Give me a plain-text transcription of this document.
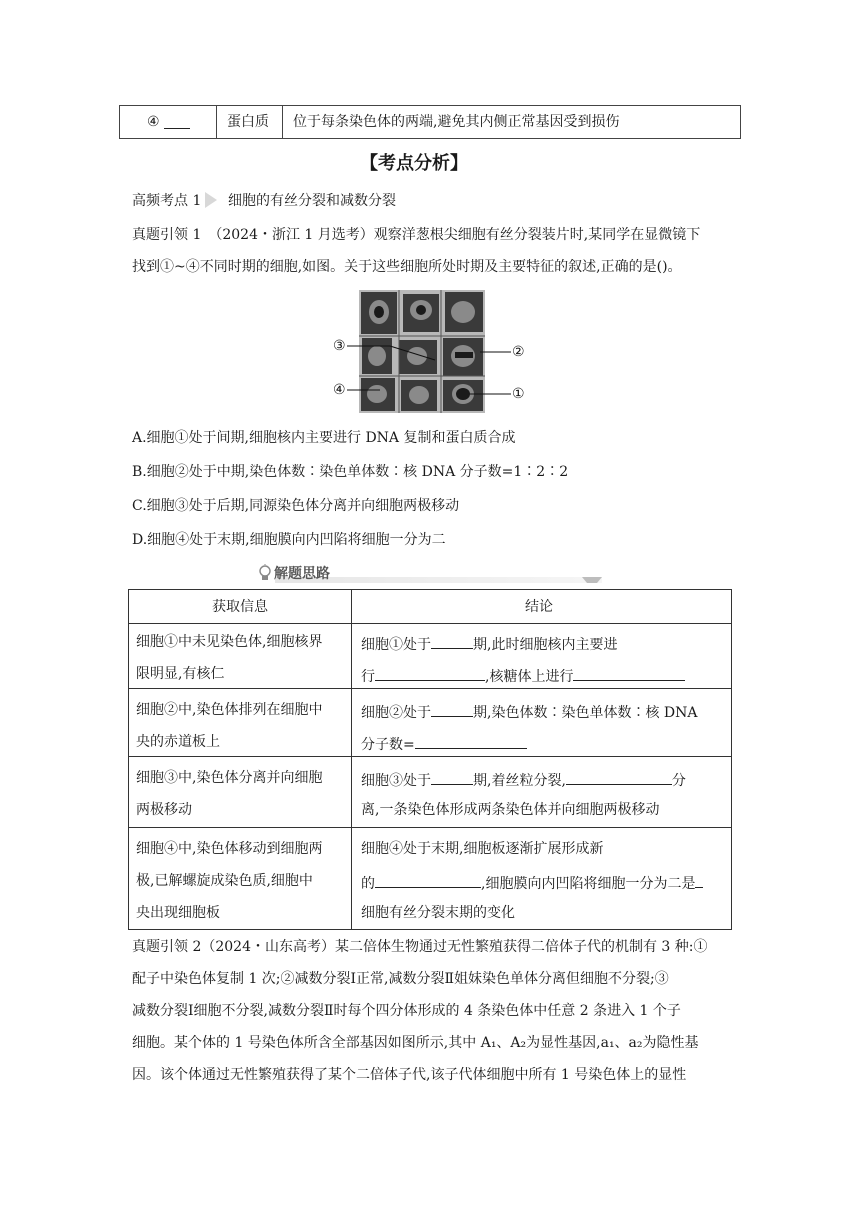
④	蛋白质 位于每条染色体的两端,避免其内侧正常基因受到损伤
【考点分析】
高频考点 1 细胞的有丝分裂和减数分裂
真题引领 1　（2024・浙江 1 月选考）观察洋葱根尖细胞有丝分裂装片时,某同学在显微镜下
找到①~④不同时期的细胞,如图。关于这些细胞所处时期及主要特征的叙述,正确的是()。
③	②
④	①
A.细胞①处于间期,细胞核内主要进行 DNA 复制和蛋白质合成
B.细胞②处于中期,染色体数∶染色单体数∶核 DNA 分子数=1∶2∶2
C.细胞③处于后期,同源染色体分离并向细胞两极移动
D.细胞④处于末期,细胞膜向内凹陷将细胞一分为二
解题思路
获取信息	结论
细胞①中未见染色体,细胞核界
限明显,有核仁
细胞①处于	期,此时细胞核内主要进
行	,核糖体上进行
细胞②中,染色体排列在细胞中
央的赤道板上
细胞②处于	期,染色体数∶染色单体数∶核 DNA
分子数=
细胞③中,染色体分离并向细胞
两极移动
细胞③处于	期,着丝粒分裂,	分
离,一条染色体形成两条染色体并向细胞两极移动
细胞④中,染色体移动到细胞两
极,已解螺旋成染色质,细胞中
央出现细胞板
细胞④处于末期,细胞板逐渐扩展形成新
的	,细胞膜向内凹陷将细胞一分为二是
细胞有丝分裂末期的变化
真题引领 2（2024・山东高考）某二倍体生物通过无性繁殖获得二倍体子代的机制有 3 种:①
配子中染色体复制 1 次;②减数分裂Ⅰ正常,减数分裂Ⅱ姐妹染色单体分离但细胞不分裂;③
减数分裂Ⅰ细胞不分裂,减数分裂Ⅱ时每个四分体形成的 4 条染色体中任意 2 条进入 1 个子
细胞。某个体的 1 号染色体所含全部基因如图所示,其中 A₁、A₂为显性基因,a₁、a₂为隐性基
因。该个体通过无性繁殖获得了某个二倍体子代,该子代体细胞中所有 1 号染色体上的显性
